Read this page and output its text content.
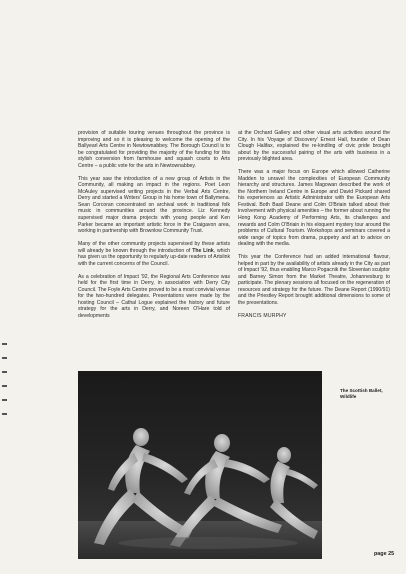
provision of suitable touring venues throughout the province is improving and so it is pleasing to welcome the opening of the Ballyearl Arts Centre in Newtownabbey. The Borough Council is to be congratulated for providing the majority of the funding for this stylish conversion from farmhouse and squash courts to Arts Centre – a public vote for the arts in Newtownabbey.

This year saw the introduction of a new group of Artists in the Community, all making an impact in the regions. Poet Leon McAuley supervised writing projects in the Verbal Arts Centre, Derry and started a Writers' Group in his home town of Ballymena. Sean Corcoran concentrated on archival work in traditional folk music in communities around the province. Liz Kennedy supervised major drama projects with young people and Ken Parker became an important artistic force in the Craigavon area, working in partnership with Brownlow Community Trust.

Many of the other community projects supervised by these artists will already be known through the introduction of The Link, which has given us the opportunity to regularly up-date readers of Artslink with the current concerns of the Council.

As a celebration of Impact '92, the Regional Arts Conference was held for the first time in Derry, in association with Derry City Council. The Foyle Arts Centre proved to be a most convivial venue for the two-hundred delegates. Presentations were made by the hosting Council – Cathal Logue explained the history and future strategy for the arts in Derry, and Noreen O'Hare told of developments

at the Orchard Gallery and other visual arts activities around the City. In his 'Voyage of Discovery' Ernest Hall, founder of Dean Clough Halifax, explained the re-kindling of civic pride brought about by the successful pairing of the arts with business in a previously blighted area.

There was a major focus on Europe which allowed Catherine Madden to unravel the complexities of European Community hierarchy and structures. James Magowan described the work of the Northern Ireland Centre in Europe and David Pickard shared his experiences as Artistic Administrator with the European Arts Festival. Both Basil Deane and Colm O'Briain talked about their involvement with physical amenities – the former about running the Hong Kong Academy of Performing Arts, its challenges and rewards and Colm O'Briain in his eloquent mystery tour around the problems of Cultural Tourism. Workshops and seminars covered a wide range of topics from drama, puppetry and art to advice on dealing with the media.

This year the Conference had an added international flavour, helped in part by the availability of artists already in the City as part of Impact '92, thus enabling Marco Pogacnik the Slovenian sculptor and Barney Simon from the Market Theatre, Johannesburg to participate. The plenary sessions all focused on the regeneration of resources and strategy for the future. The Deane Report (1990/91) and the Priestley Report brought additional dimensions to some of the presentations.

FRANCIS MURPHY

The Scottish Ballet,
Wildlife
page 25
